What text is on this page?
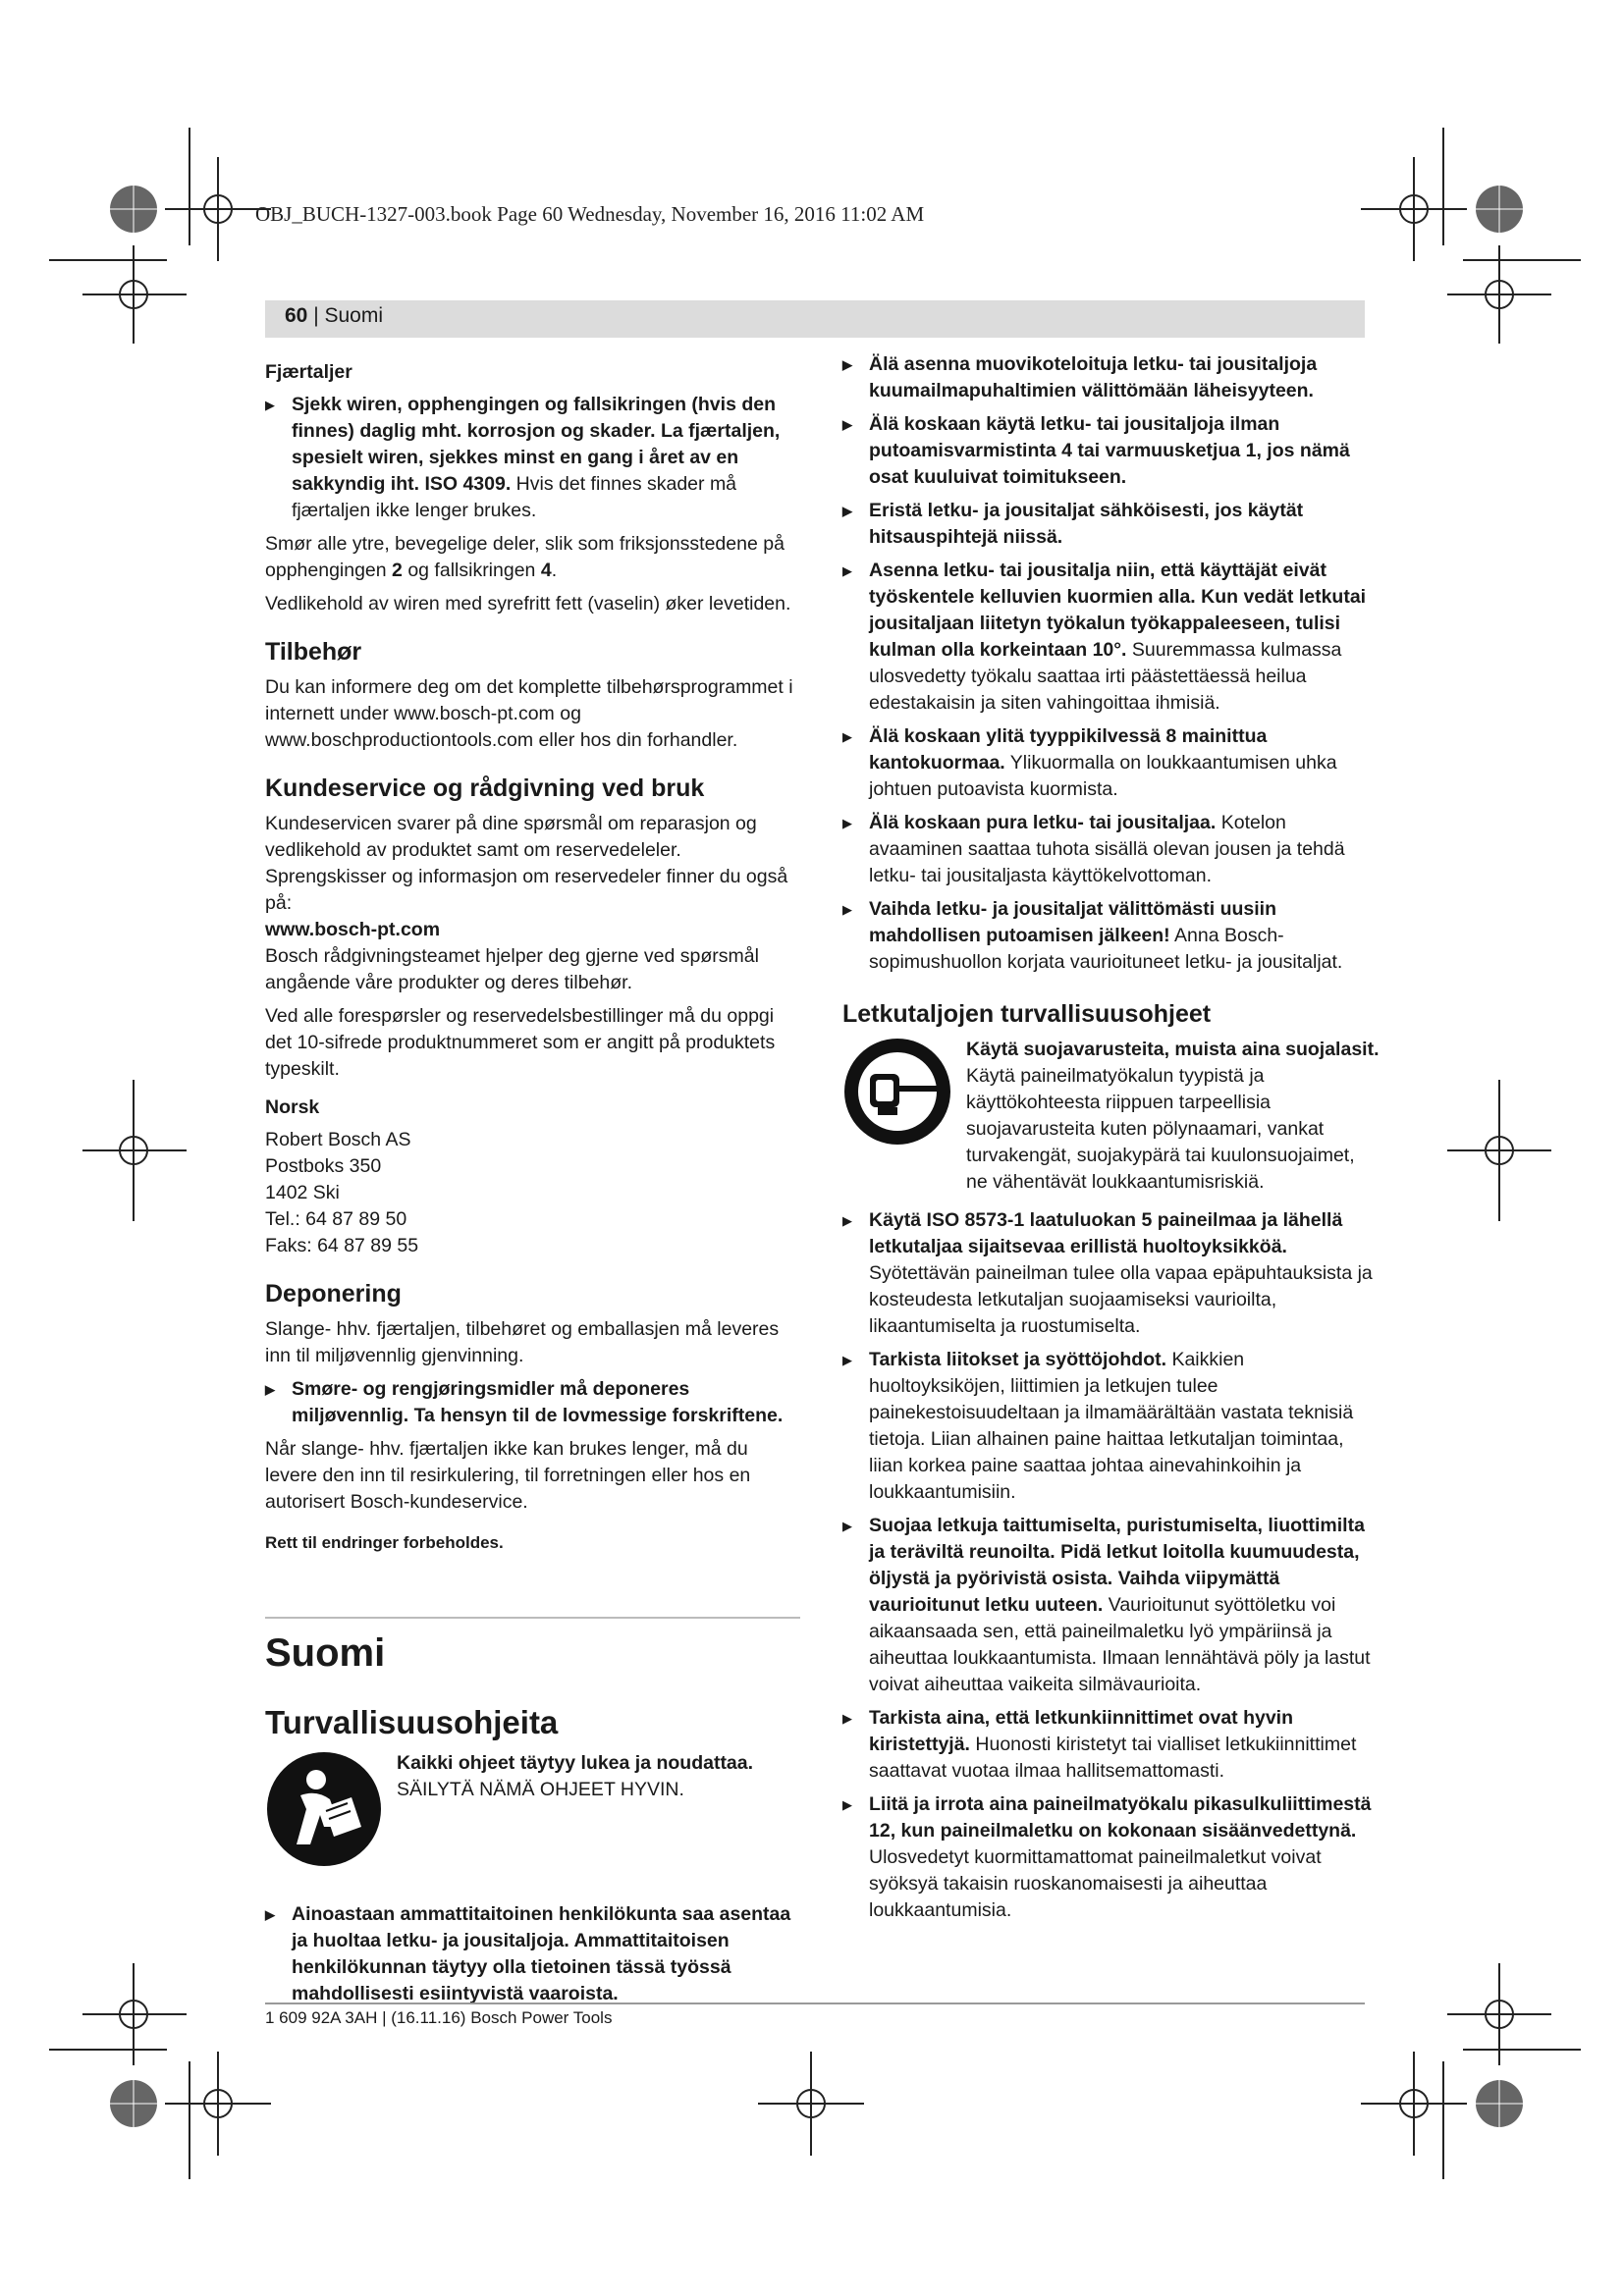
OBJ_BUCH-1327-003.book Page 60 Wednesday, November 16, 2016 11:02 AM
60 | Suomi

Fjærtaljer

▶ Sjekk wiren, opphengingen og fallsikringen (hvis den finnes) daglig mht. korrosjon og skader. La fjærtaljen, spesielt wiren, sjekkes minst en gang i året av en sakkyndig iht. ISO 4309. Hvis det finnes skader må fjærtaljen ikke lenger brukes.

Smør alle ytre, bevegelige deler, slik som friksjonsstedene på opphengingen 2 og fallsikringen 4.

Vedlikehold av wiren med syrefritt fett (vaselin) øker levetiden.

Tilbehør

Du kan informere deg om det komplette tilbehørsprogrammet i internett under www.bosch-pt.com og www.boschproductiontools.com eller hos din forhandler.

Kundeservice og rådgivning ved bruk

Kundeservicen svarer på dine spørsmål om reparasjon og vedlikehold av produktet samt om reservedeleler. Sprengskisser og informasjon om reservedeler finner du også på:

www.bosch-pt.com

Bosch rådgivningsteamet hjelper deg gjerne ved spørsmål angående våre produkter og deres tilbehør.

Ved alle forespørsler og reservedelsbestillinger må du oppgi det 10-sifrede produktnummeret som er angitt på produktets typeskilt.

Norsk

Robert Bosch AS
Postboks 350
1402 Ski
Tel.: 64 87 89 50
Faks: 64 87 89 55

Deponering

Slange- hhv. fjærtaljen, tilbehøret og emballasjen må leveres inn til miljøvennlig gjenvinning.

▶ Smøre- og rengjøringsmidler må deponeres miljøvennlig. Ta hensyn til de lovmessige forskriftene.

Når slange- hhv. fjærtaljen ikke kan brukes lenger, må du levere den inn til resirkulering, til forretningen eller hos en autorisert Bosch-kundeservice.

Rett til endringer forbeholdes.

Suomi

Turvallisuusohjeita

Kaikki ohjeet täytyy lukea ja noudattaa.
SÄILYTÄ NÄMÄ OHJEET HYVIN.

▶ Ainoastaan ammattitaitoinen henkilökunta saa asentaa ja huoltaa letku- ja jousitaljoja. Ammattitaitoisen henkilökunnan täytyy olla tietoinen tässä työssä mahdollisesti esiintyvistä vaaroista.

▶ Älä asenna muovikoteloituja letku- tai jousitaljoja kuumailmapuhaltimien välittömään läheisyyteen.

▶ Älä koskaan käytä letku- tai jousitaljoja ilman putoamisvarmistinta 4 tai varmuusketjua 1, jos nämä osat kuuluivat toimitukseen.

▶ Eristä letku- ja jousitaljat sähköisesti, jos käytät hitsauspihtejä niissä.

▶ Asenna letku- tai jousitalja niin, että käyttäjät eivät työskentele kelluvien kuormien alla. Kun vedät letkutai jousitaljaan liitetyn työkalun työkappaleeseen, tulisi kulman olla korkeintaan 10°. Suuremmassa kulmassa ulosvedetty työkalu saattaa irti päästettäessä heilua edestakaisin ja siten vahingoittaa ihmisiä.

▶ Älä koskaan ylitä tyyppikilvessä 8 mainittua kantokuormaa. Ylikuormalla on loukkaantumisen uhka johtuen putoavista kuormista.

▶ Älä koskaan pura letku- tai jousitaljaa. Kotelon avaaminen saattaa tuhota sisällä olevan jousen ja tehdä letku- tai jousitaljasta käyttökelvottoman.

▶ Vaihda letku- ja jousitaljat välittömästi uusiin mahdollisen putoamisen jälkeen! Anna Bosch-sopimushuollon korjata vaurioituneet letku- ja jousitaljat.

Letkutaljojen turvallisuusohjeet

Käytä suojavarusteita, muista aina suojalasit. Käytä paineilmatyökalun tyypistä ja käyttökohteesta riippuen tarpeellisia suojavarusteita kuten pölynaamari, vankat turvakengät, suojakypärä tai kuulonsuojaimet, ne vähentävät loukkaantumisriskiä.

▶ Käytä ISO 8573-1 laatuluokan 5 paineilmaa ja lähellä letkutaljaa sijaitsevaa erillistä huoltoyksikköä. Syötettävän paineilman tulee olla vapaa epäpuhtauksista ja kosteudesta letkutaljan suojaamiseksi vaurioilta, likaantumiselta ja ruostumiselta.

▶ Tarkista liitokset ja syöttöjohdot. Kaikkien huoltoyksiköjen, liittimien ja letkujen tulee painekestoisuudeltaan ja ilmamäärältään vastata teknisiä tietoja. Liian alhainen paine haittaa letkutaljan toimintaa, liian korkea paine saattaa johtaa ainevahinkoihin ja loukkaantumisiin.

▶ Suojaa letkuja taittumiselta, puristumiselta, liuottimilta ja teräviltä reunoilta. Pidä letkut loitolla kuumuudesta, öljystä ja pyörivistä osista. Vaihda viipymättä vaurioitunut letku uuteen. Vaurioitunut syöttöletku voi aikaansaada sen, että paineilmaletku lyö ympäriinsä ja aiheuttaa loukkaantumista. Ilmaan lennähtävä pöly ja lastut voivat aiheuttaa vaikeita silmävaurioita.

▶ Tarkista aina, että letkunkiinnittimet ovat hyvin kiristettyjä. Huonosti kiristetyt tai vialliset letkukiinnittimet saattavat vuotaa ilmaa hallitsemattomasti.

▶ Liitä ja irrota aina paineilmatyökalu pikasulkuliittimestä 12, kun paineilmaletku on kokonaan sisäänvedettynä. Ulosvedetyt kuormittamattomat paineilmaletkut voivat syöksyä takaisin ruoskanomaisesti ja aiheuttaa loukkaantumisia.

1 609 92A 3AH | (16.11.16) Bosch Power Tools
